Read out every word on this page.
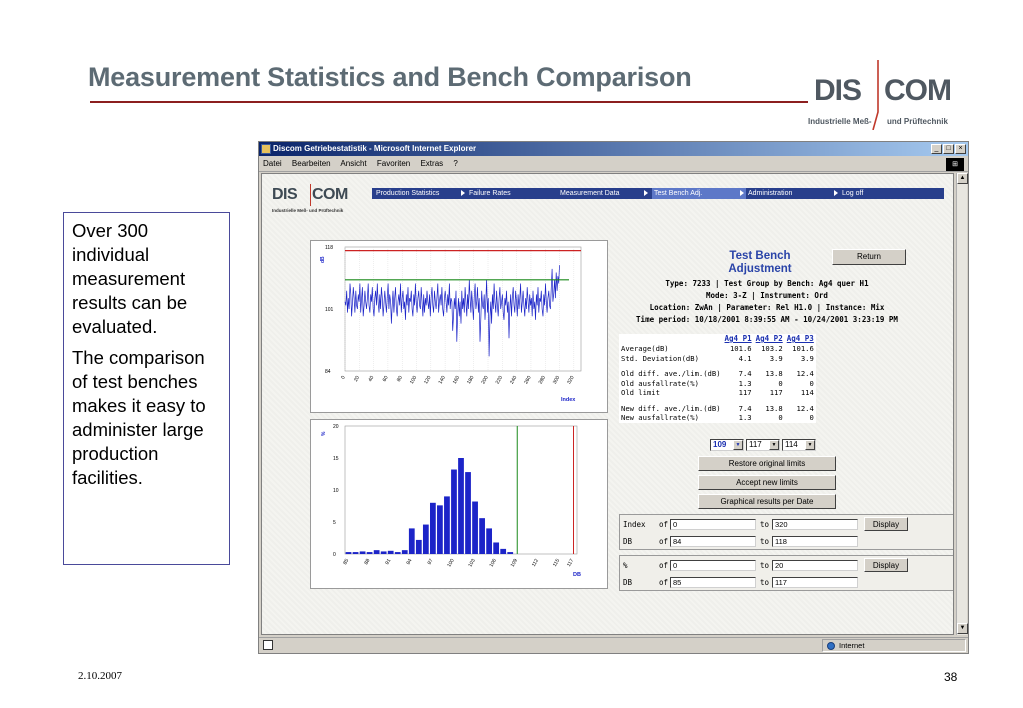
Measurement Statistics and Bench Comparison	DIS COM
Industrielle Meß- und Prüftechnik

Over 300 individual measurement results can be evaluated.

The comparison of test benches makes it easy to administer large production facilities.

2.10.2007	38
Discom Getriebestatistik - Microsoft Internet Explorer	_	□	×
Datei Bearbeiten Ansicht Favoriten Extras ?	⊞
DIS COM
Industrielle Meß- und Prüftechnik
Production Statistics	Failure Rates	Measurement Data	Test Bench Adj.	Administration	Log off
0 20 40 60 80 100 120 140 160 180 200 220 240 260 280 300 320
118
101
84
dB
Index
0
5
10
15
20
%
85	88	91	94	97 100 103 106 109 112 115 117
DB
Test Bench
Adjustment
Return
Type: 7233 | Test Group by Bench: Ag4 quer H1
Mode: 3-Z | Instrument: Ord
Location: ZwAn | Parameter: Rel H1.0 | Instance: Mix
Time period: 10/18/2001 8:39:55 AM - 10/24/2001 3:23:19 PM
	Ag4 P1	Ag4 P2	Ag4 P3
Average(dB)	101.6	103.2	101.6
Std. Deviation(dB)	4.1	3.9	3.9

Old diff. ave./lim.(dB)	7.4	13.8	12.4
Old ausfallrate(%)	1.3	0	0
Old limit	117	117	114

New diff. ave./lim.(dB)	7.4	13.8	12.4
New ausfallrate(%)	1.3	0	0
109	▼	117	▼	114	▼
Restore original limits
Accept new limits
Graphical results per Date
Index of 0	to 320
DB	of 84	to 118
Display
%	of 0	to 20
DB	of 85	to 117
Display
▲
▼
Internet
